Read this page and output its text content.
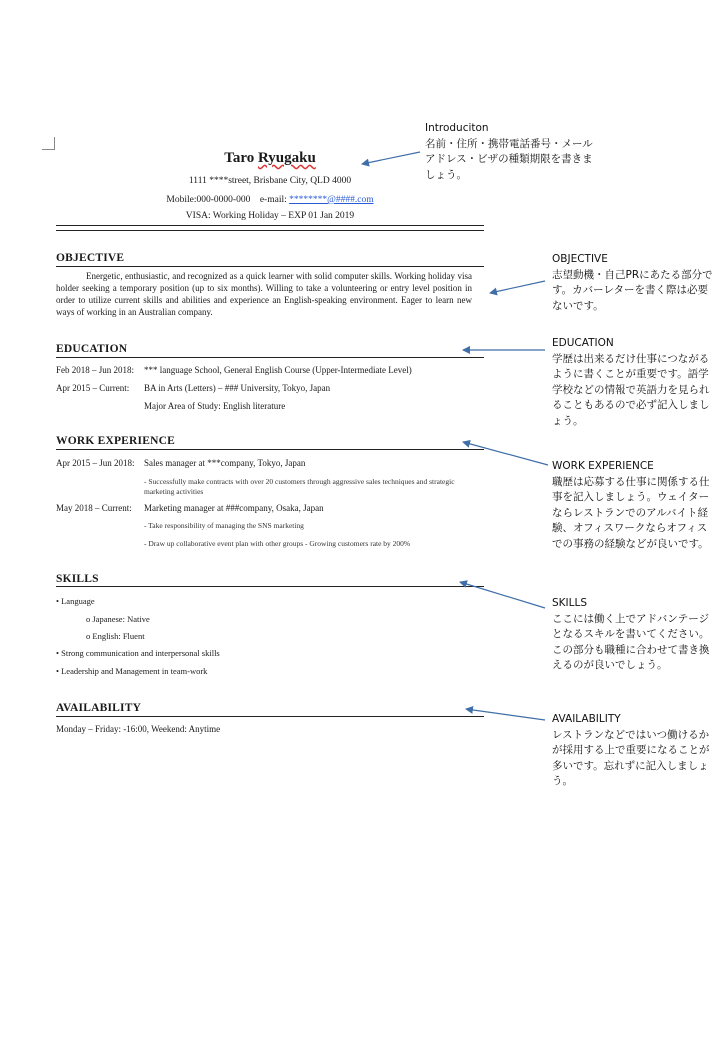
Taro Ryugaku
1111 ****street, Brisbane City, QLD 4000
Mobile:000-0000-000 e-mail: ********@####.com
VISA: Working Holiday – EXP 01 Jan 2019
OBJECTIVE
Energetic, enthusiastic, and recognized as a quick learner with solid computer skills. Working holiday visa holder seeking a temporary position (up to six months). Willing to take a volunteering or entry level position in order to utilize current skills and abilities and experience an English-speaking environment. Eager to learn new ways of working in an Australian company.
EDUCATION
Feb 2018 – Jun 2018: *** language School, General English Course (Upper-Intermediate Level)
Apr 2015 – Current: BA in Arts (Letters) – ### University, Tokyo, Japan
Major Area of Study: English literature
WORK EXPERIENCE
Apr 2015 – Jun 2018: Sales manager at ***company, Tokyo, Japan
- Successfully make contracts with over 20 customers through aggressive sales techniques and strategic marketing activities
May 2018 – Current: Marketing manager at ###company, Osaka, Japan
- Take responsibility of managing the SNS marketing
- Draw up collaborative event plan with other groups - Growing customers rate by 200%
SKILLS
• Language
o Japanese: Native
o English: Fluent
• Strong communication and interpersonal skills
• Leadership and Management in team-work
AVAILABILITY
Monday – Friday: -16:00, Weekend: Anytime
Introduciton
名前・住所・携帯電話番号・メールアドレス・ビザの種類期限を書きましょう。
OBJECTIVE
志望動機・自己PRにあたる部分です。カバーレターを書く際は必要ないです。
EDUCATION
学歴は出来るだけ仕事につながるように書くことが重要です。語学学校などの情報で英語力を見られることもあるので必ず記入しましょう。
WORK EXPERIENCE
職歴は応募する仕事に関係する仕事を記入しましょう。ウェイターならレストランでのアルバイト経験、オフィスワークならオフィスでの事務の経験などが良いです。
SKILLS
ここには働く上でアドバンテージとなるスキルを書いてください。この部分も職種に合わせて書き換えるのが良いでしょう。
AVAILABILITY
レストランなどではいつ働けるかが採用する上で重要になることが多いです。忘れずに記入しましょう。
